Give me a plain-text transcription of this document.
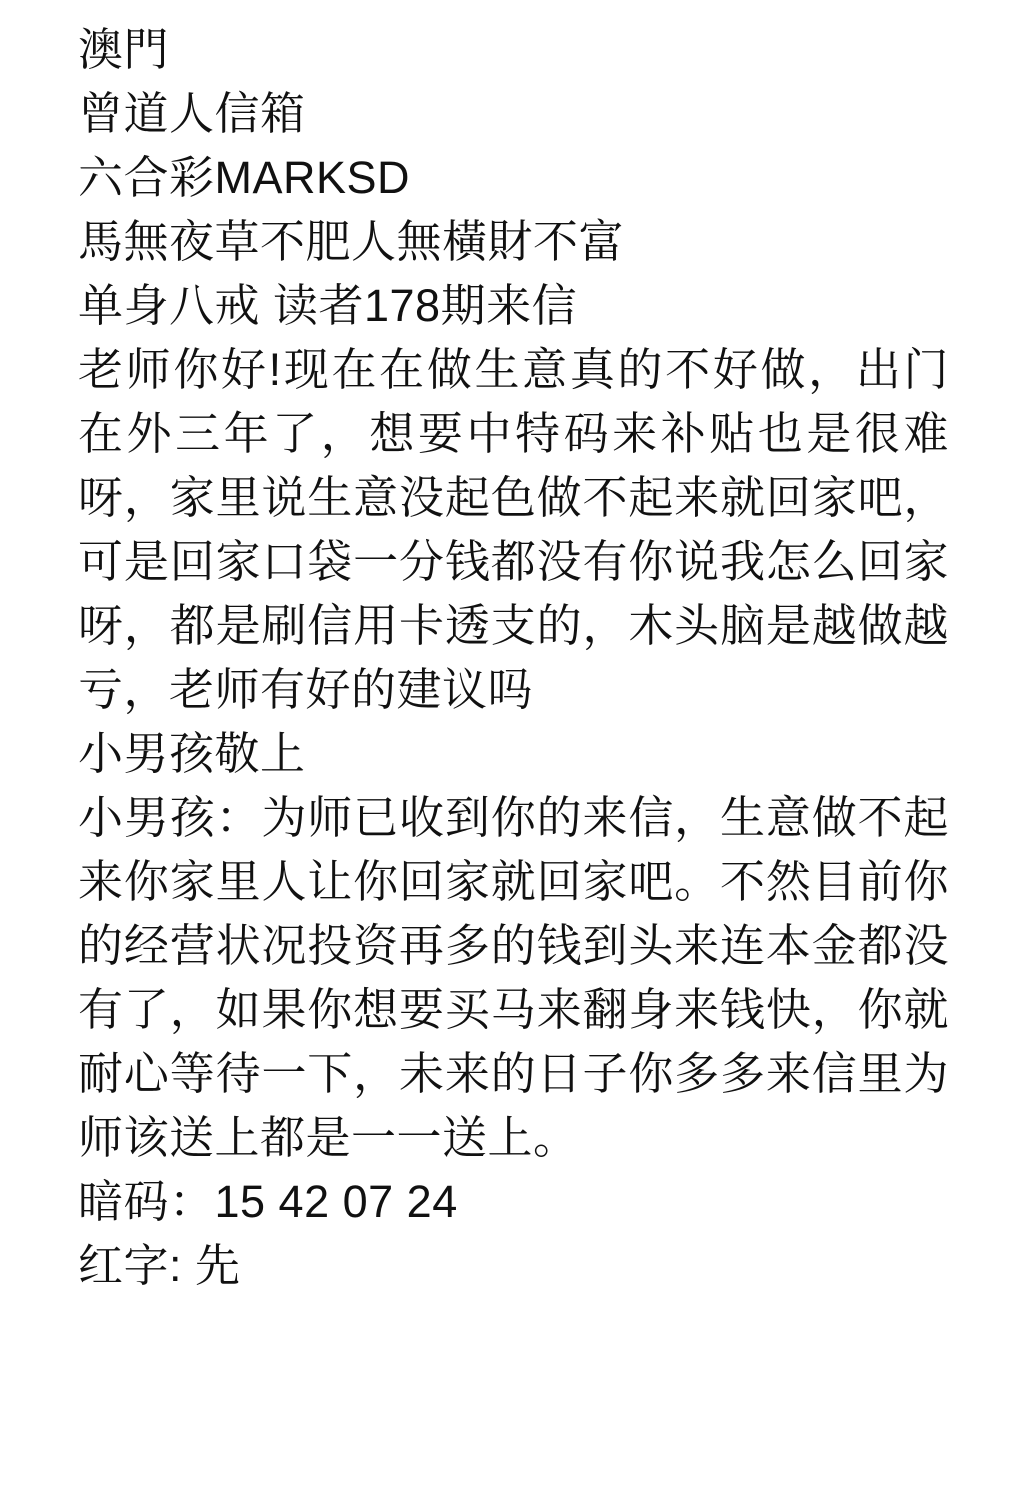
澳門
曾道人信箱
六合彩MARKSD
馬無夜草不肥人無橫財不富
单身八戒 读者178期来信
老师你好!现在在做生意真的不好做，出门在外三年了，想要中特码来补贴也是很难呀，家里说生意没起色做不起来就回家吧，可是回家口袋一分钱都没有你说我怎么回家呀，都是刷信用卡透支的，木头脑是越做越亏，老师有好的建议吗
小男孩敬上
小男孩：为师已收到你的来信，生意做不起来你家里人让你回家就回家吧。不然目前你的经营状况投资再多的钱到头来连本金都没有了，如果你想要买马来翻身来钱快，你就耐心等待一下，未来的日子你多多来信里为师该送上都是一一送上。
暗码：15 42 07 24
红字: 先
